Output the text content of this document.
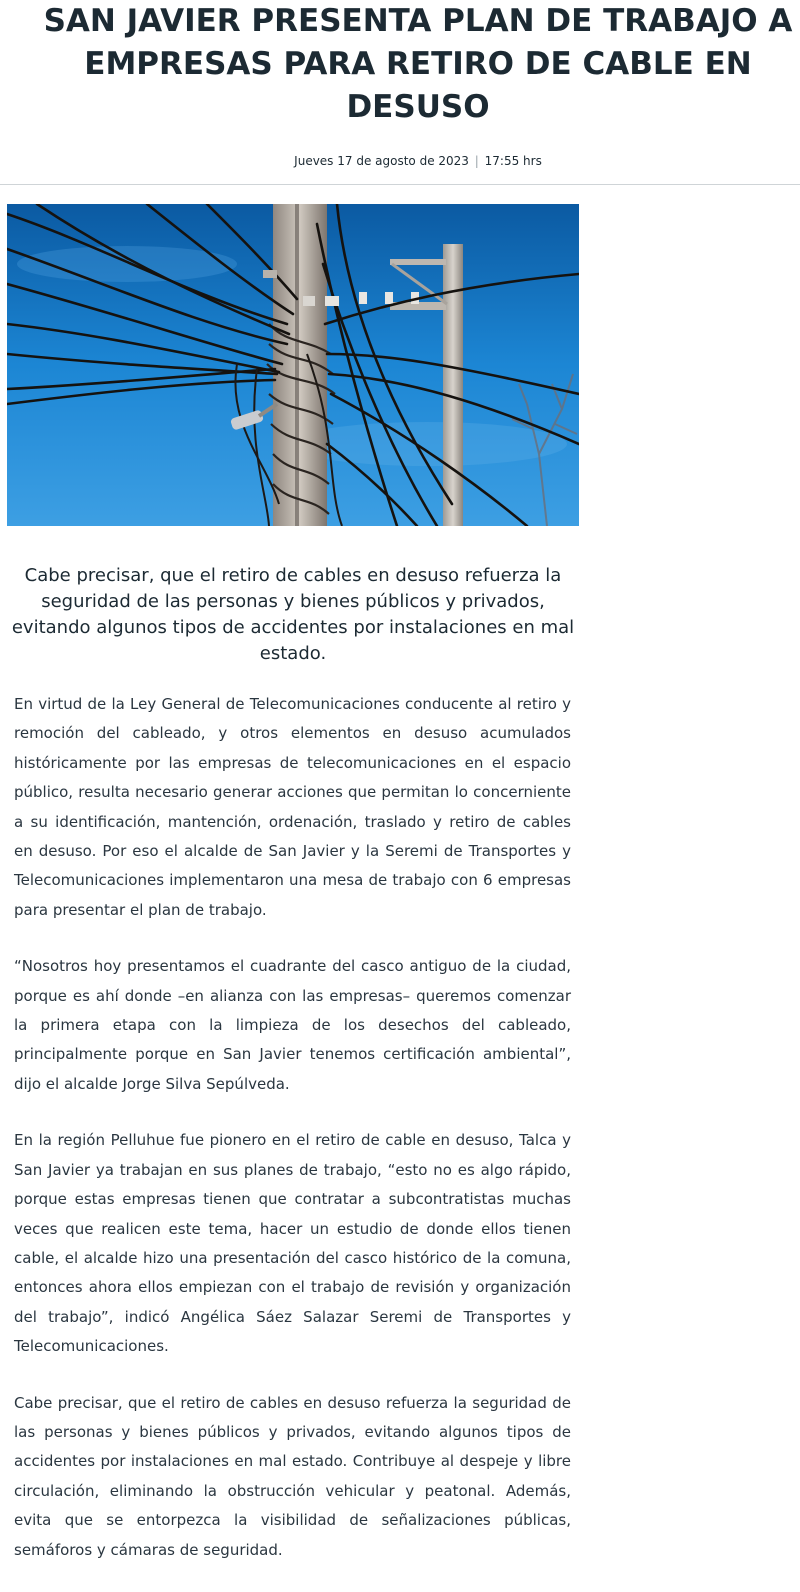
SAN JAVIER PRESENTA PLAN DE TRABAJO A EMPRESAS PARA RETIRO DE CABLE EN DESUSO
Jueves 17 de agosto de 2023 | 17:55 hrs

Cabe precisar, que el retiro de cables en desuso refuerza la seguridad de las personas y bienes públicos y privados, evitando algunos tipos de accidentes por instalaciones en mal estado.

En virtud de la Ley General de Telecomunicaciones conducente al retiro y remoción del cableado, y otros elementos en desuso acumulados históricamente por las empresas de telecomunicaciones en el espacio público, resulta necesario generar acciones que permitan lo concerniente a su identificación, mantención, ordenación, traslado y retiro de cables en desuso. Por eso el alcalde de San Javier y la Seremi de Transportes y Telecomunicaciones implementaron una mesa de trabajo con 6 empresas para presentar el plan de trabajo.

“Nosotros hoy presentamos el cuadrante del casco antiguo de la ciudad, porque es ahí donde –en alianza con las empresas– queremos comenzar la primera etapa con la limpieza de los desechos del cableado, principalmente porque en San Javier tenemos certificación ambiental”, dijo el alcalde Jorge Silva Sepúlveda.

En la región Pelluhue fue pionero en el retiro de cable en desuso, Talca y San Javier ya trabajan en sus planes de trabajo, “esto no es algo rápido, porque estas empresas tienen que contratar a subcontratistas muchas veces que realicen este tema, hacer un estudio de donde ellos tienen cable, el alcalde hizo una presentación del casco histórico de la comuna, entonces ahora ellos empiezan con el trabajo de revisión y organización del trabajo”, indicó Angélica Sáez Salazar Seremi de Transportes y Telecomunicaciones.

Cabe precisar, que el retiro de cables en desuso refuerza la seguridad de las personas y bienes públicos y privados, evitando algunos tipos de accidentes por instalaciones en mal estado. Contribuye al despeje y libre circulación, eliminando la obstrucción vehicular y peatonal. Además, evita que se entorpezca la visibilidad de señalizaciones públicas, semáforos y cámaras de seguridad.
